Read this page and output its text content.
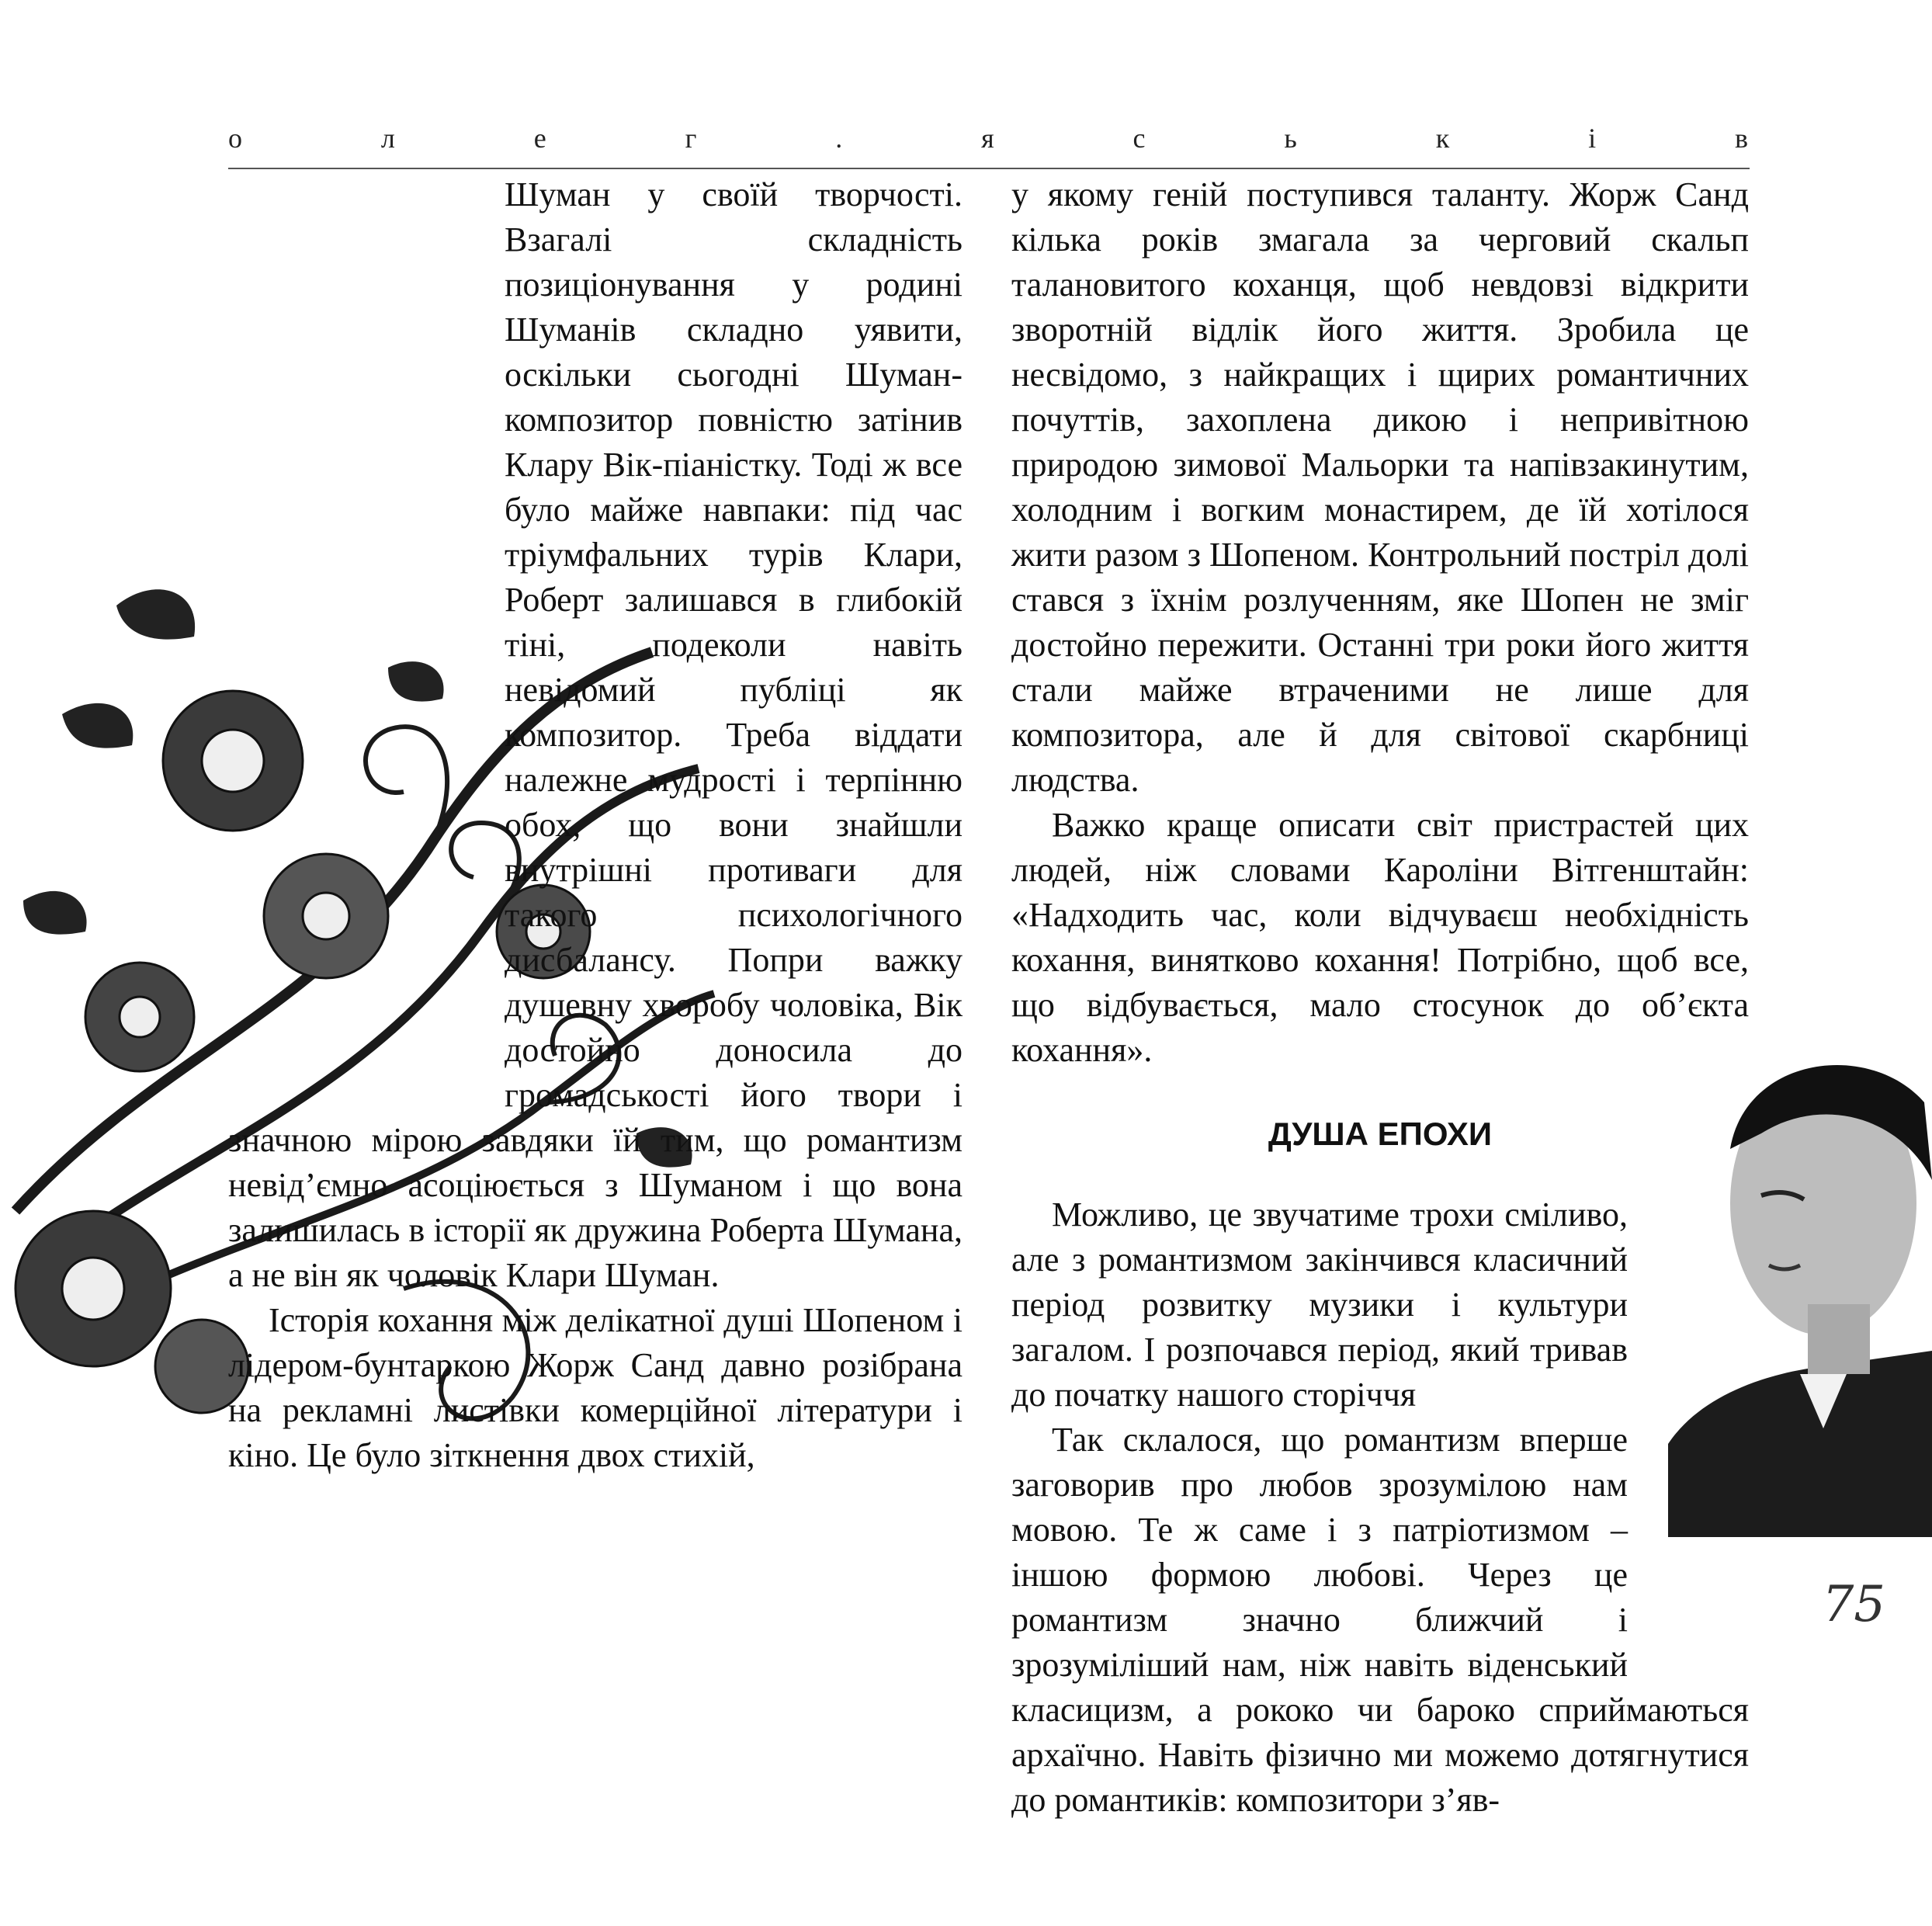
о	л	е	г	.	я	с	ь	к	і	в

Шуман у своїй творчості. Взагалі складність позиціонування у родині Шуманів складно уявити, оскільки сьогодні Шуман-композитор повністю затінив Клару Вік-піаністку. Тоді ж все було майже навпаки: під час тріумфальних турів Клари, Роберт залишався в глибокій тіні, подеколи навіть невідомий публіці як композитор. Треба віддати належне мудрості і терпінню обох, що вони знайшли внутрішні противаги для такого психологічного дисбалансу. Попри важку душевну хворобу чоловіка, Вік достойно доносила до громадськості його твори і значною мірою завдяки їй тим, що романтизм невід’ємно асоціюється з Шуманом і що вона залишилась в історії як дружина Роберта Шумана, а не він як чоловік Клари Шуман.

Історія кохання між делікатної душі Шопеном і лідером-бунтаркою Жорж Санд давно розібрана на рекламні листівки комерційної літератури і кіно. Це було зіткнення двох стихій,

у якому геній поступився таланту. Жорж Санд кілька років змагала за черговий скальп талановитого коханця, щоб невдовзі відкрити зворотній відлік його життя. Зробила це несвідомо, з найкращих і щирих романтичних почуттів, захоплена дикою і непривітною природою зимової Мальорки та напівзакинутим, холодним і вогким монастирем, де їй хотілося жити разом з Шопеном. Контрольний постріл долі стався з їхнім розлученням, яке Шопен не зміг достойно пережити. Останні три роки його життя стали майже втраченими не лише для композитора, але й для світової скарбниці людства.

Важко краще описати світ пристрастей цих людей, ніж словами Кароліни Вітгенштайн: «Надходить час, коли відчуваєш необхідність кохання, винятково кохання! Потрібно, щоб все, що відбувається, мало стосунок до об’єкта кохання».

ДУША ЕПОХИ

Можливо, це звучатиме трохи сміливо, але з романтизмом закінчився класичний період розвитку музики і культури загалом. І розпочався період, який тривав до початку нашого сторіччя

Так склалося, що романтизм вперше заговорив про любов зрозумілою нам мовою. Те ж саме і з патріотизмом – іншою формою любові. Через це романтизм значно ближчий і зрозуміліший нам, ніж навіть віденський класицизм, а рококо чи бароко сприймаються архаїчно. Навіть фізично ми можемо дотягнутися до романтиків: композитори з’яв-

75
